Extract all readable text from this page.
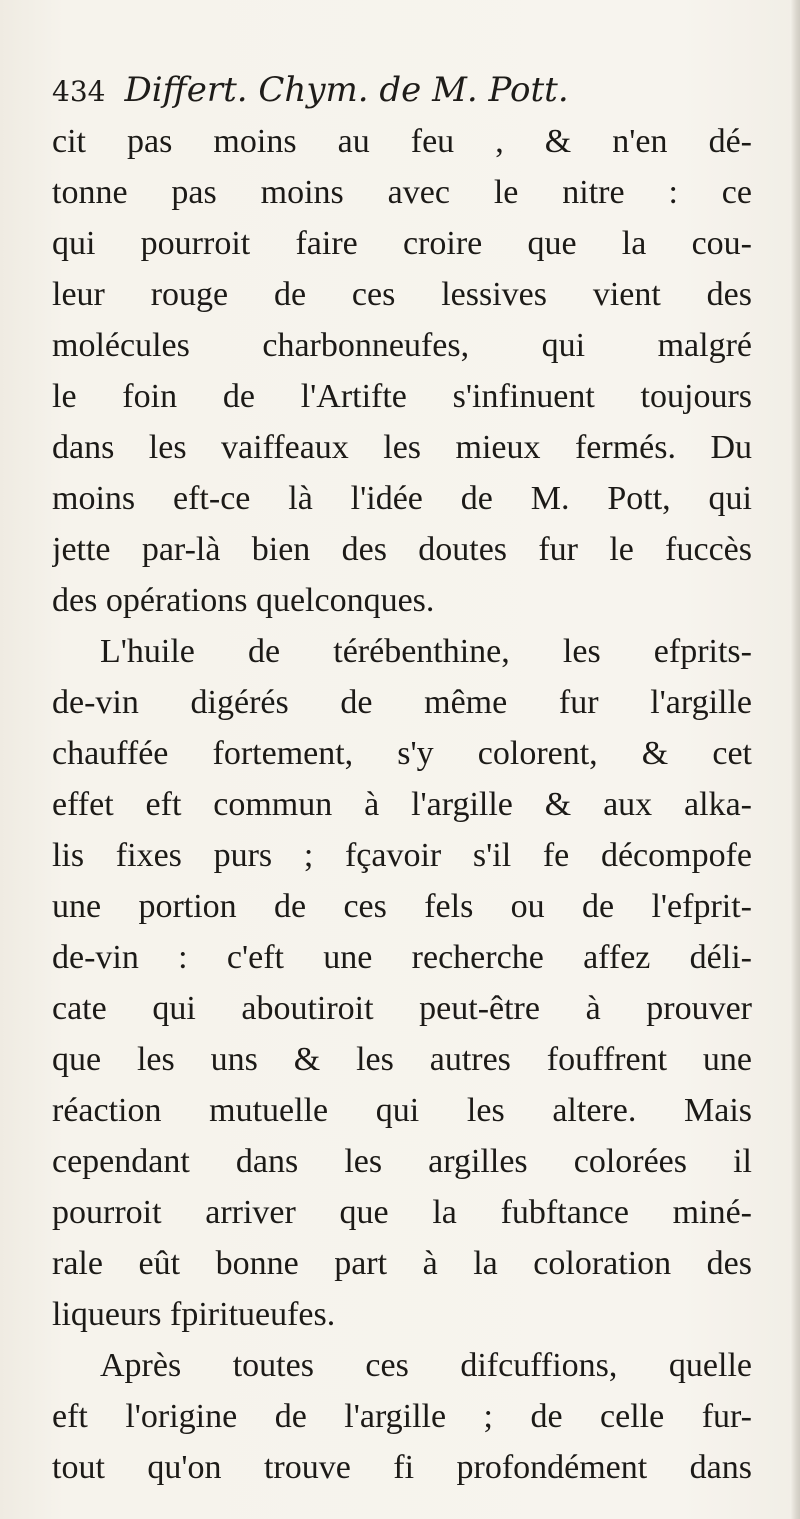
434 Differt. Chym. de M. Pott.
cit pas moins au feu , & n'en dé-
tonne pas moins avec le nitre : ce
qui pourroit faire croire que la cou-
leur rouge de ces lessives vient des
molécules charbonneufes, qui malgré
le foin de l'Artifte s'infinuent toujours
dans les vaiffeaux les mieux fermés. Du
moins eft-ce là l'idée de M. Pott, qui
jette par-là bien des doutes fur le fuccès
des opérations quelconques.
L'huile de térébenthine, les efprits-
de-vin digérés de même fur l'argille
chauffée fortement, s'y colorent, & cet
effet eft commun à l'argille & aux alka-
lis fixes purs ; fçavoir s'il fe décompofe
une portion de ces fels ou de l'efprit-
de-vin : c'eft une recherche affez déli-
cate qui aboutiroit peut-être à prouver
que les uns & les autres fouffrent une
réaction mutuelle qui les altere. Mais
cependant dans les argilles colorées il
pourroit arriver que la fubftance miné-
rale eût bonne part à la coloration des
liqueurs fpiritueufes.
Après toutes ces difcuffions, quelle
eft l'origine de l'argille ; de celle fur-
tout qu'on trouve fi profondément dans
